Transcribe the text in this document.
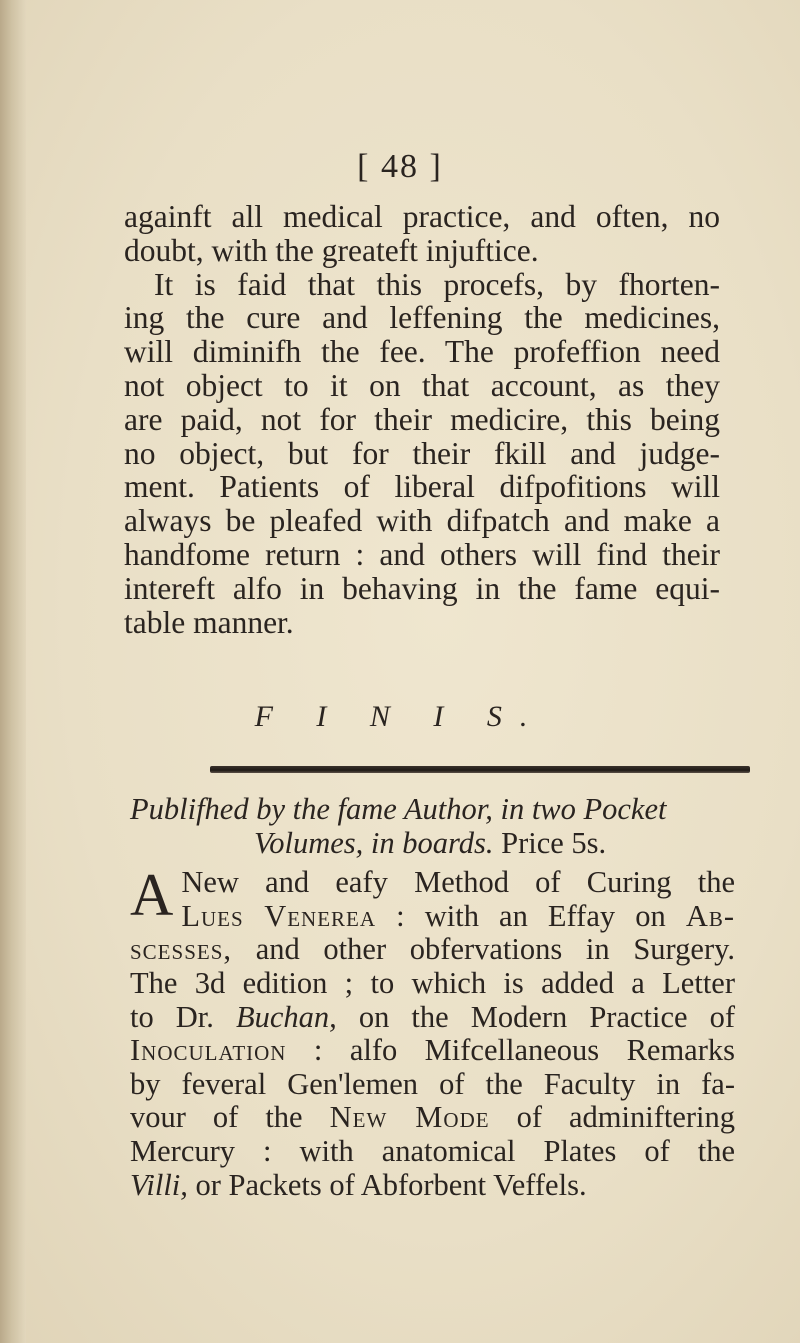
[ 48 ]
againft all medical practice, and often, no
doubt, with the greateft injuftice.
It is faid that this procefs, by fhorten-
ing the cure and leffening the medicines,
will diminifh the fee. The profeffion need
not object to it on that account, as they
are paid, not for their medicire, this being
no object, but for their fkill and judge-
ment. Patients of liberal difpofitions will
always be pleafed with difpatch and make a
handfome return : and others will find their
intereft alfo in behaving in the fame equi-
table manner.
F I N I S.
Publifhed by the fame Author, in two Pocket
Volumes, in boards. Price 5s.
A New and eafy Method of Curing the
Lues Venerea : with an Effay on Ab-
scesses, and other obfervations in Surgery.
The 3d edition ; to which is added a Letter
to Dr. Buchan, on the Modern Practice of
Inoculation : alfo Mifcellaneous Remarks
by feveral Gen'lemen of the Faculty in fa-
vour of the New Mode of adminiftering
Mercury : with anatomical Plates of the
Villi, or Packets of Abforbent Veffels.
